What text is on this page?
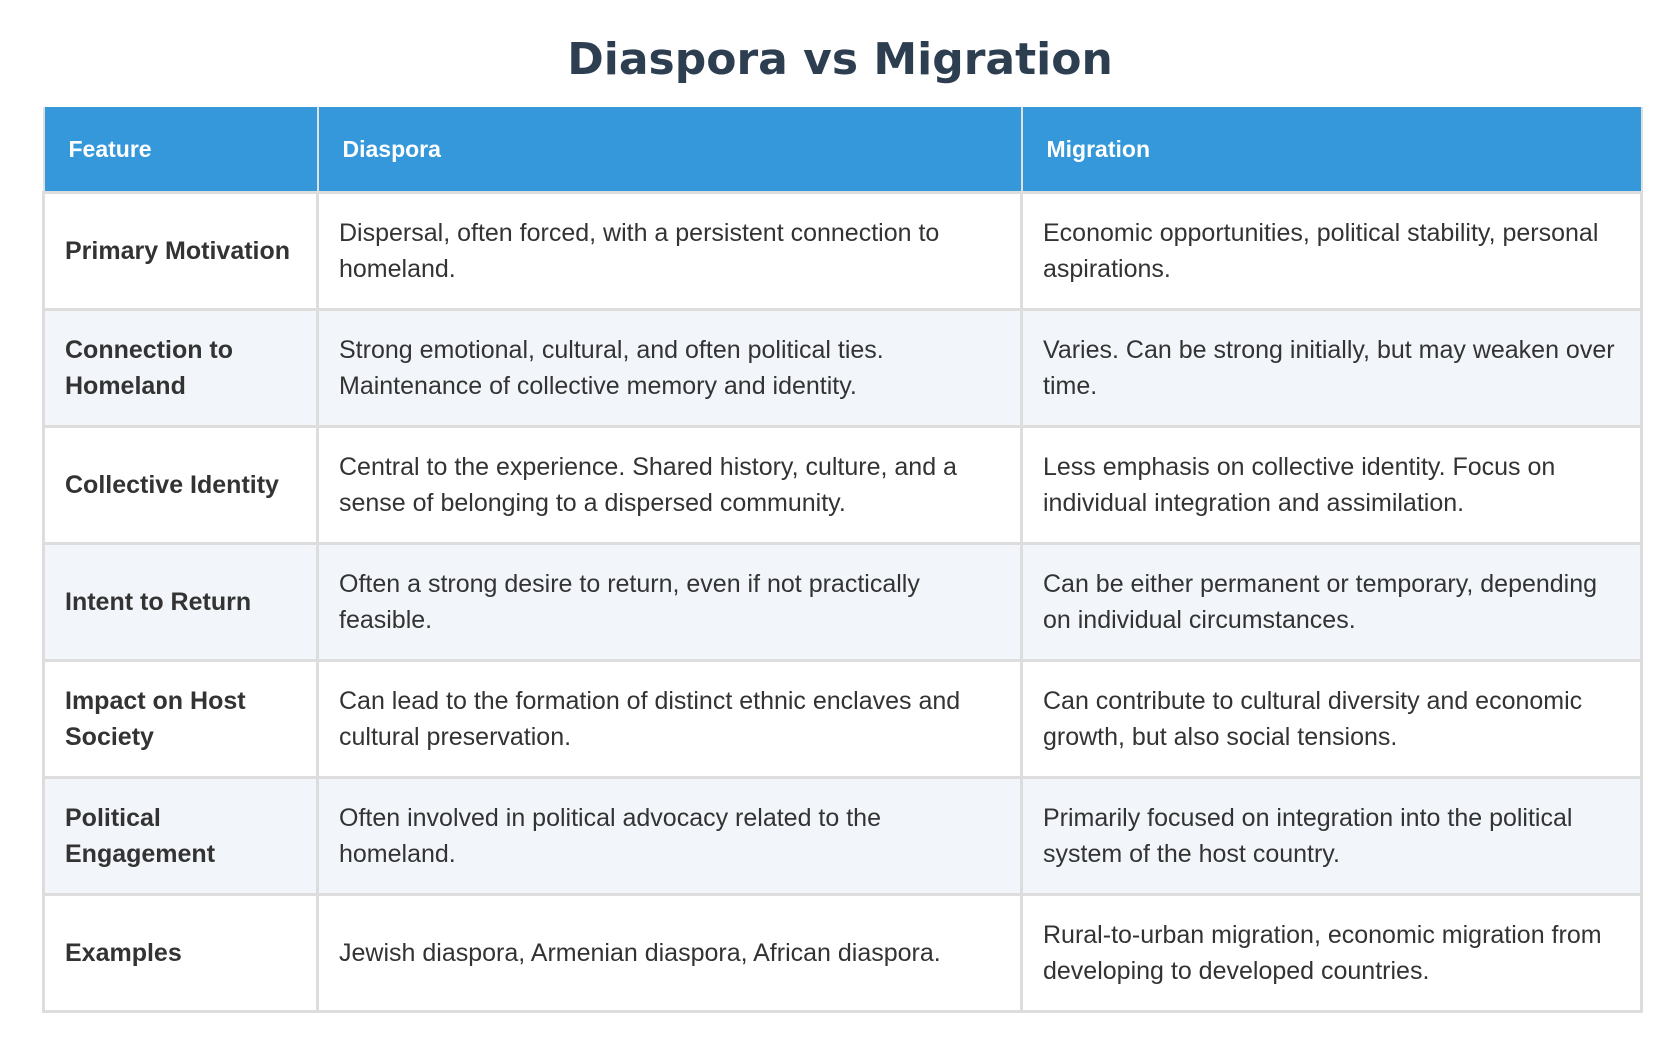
Diaspora vs Migration
Feature	Diaspora	Migration
Primary Motivation	Dispersal, often forced, with a persistent connection to homeland.	Economic opportunities, political stability, personal aspirations.
Connection to Homeland	Strong emotional, cultural, and often political ties. Maintenance of collective memory and identity.	Varies. Can be strong initially, but may weaken over time.
Collective Identity	Central to the experience. Shared history, culture, and a sense of belonging to a dispersed community.	Less emphasis on collective identity. Focus on individual integration and assimilation.
Intent to Return	Often a strong desire to return, even if not practically feasible.	Can be either permanent or temporary, depending on individual circumstances.
Impact on Host Society	Can lead to the formation of distinct ethnic enclaves and cultural preservation.	Can contribute to cultural diversity and economic growth, but also social tensions.
Political Engagement	Often involved in political advocacy related to the homeland.	Primarily focused on integration into the political system of the host country.
Examples	Jewish diaspora, Armenian diaspora, African diaspora.	Rural-to-urban migration, economic migration from developing to developed countries.
